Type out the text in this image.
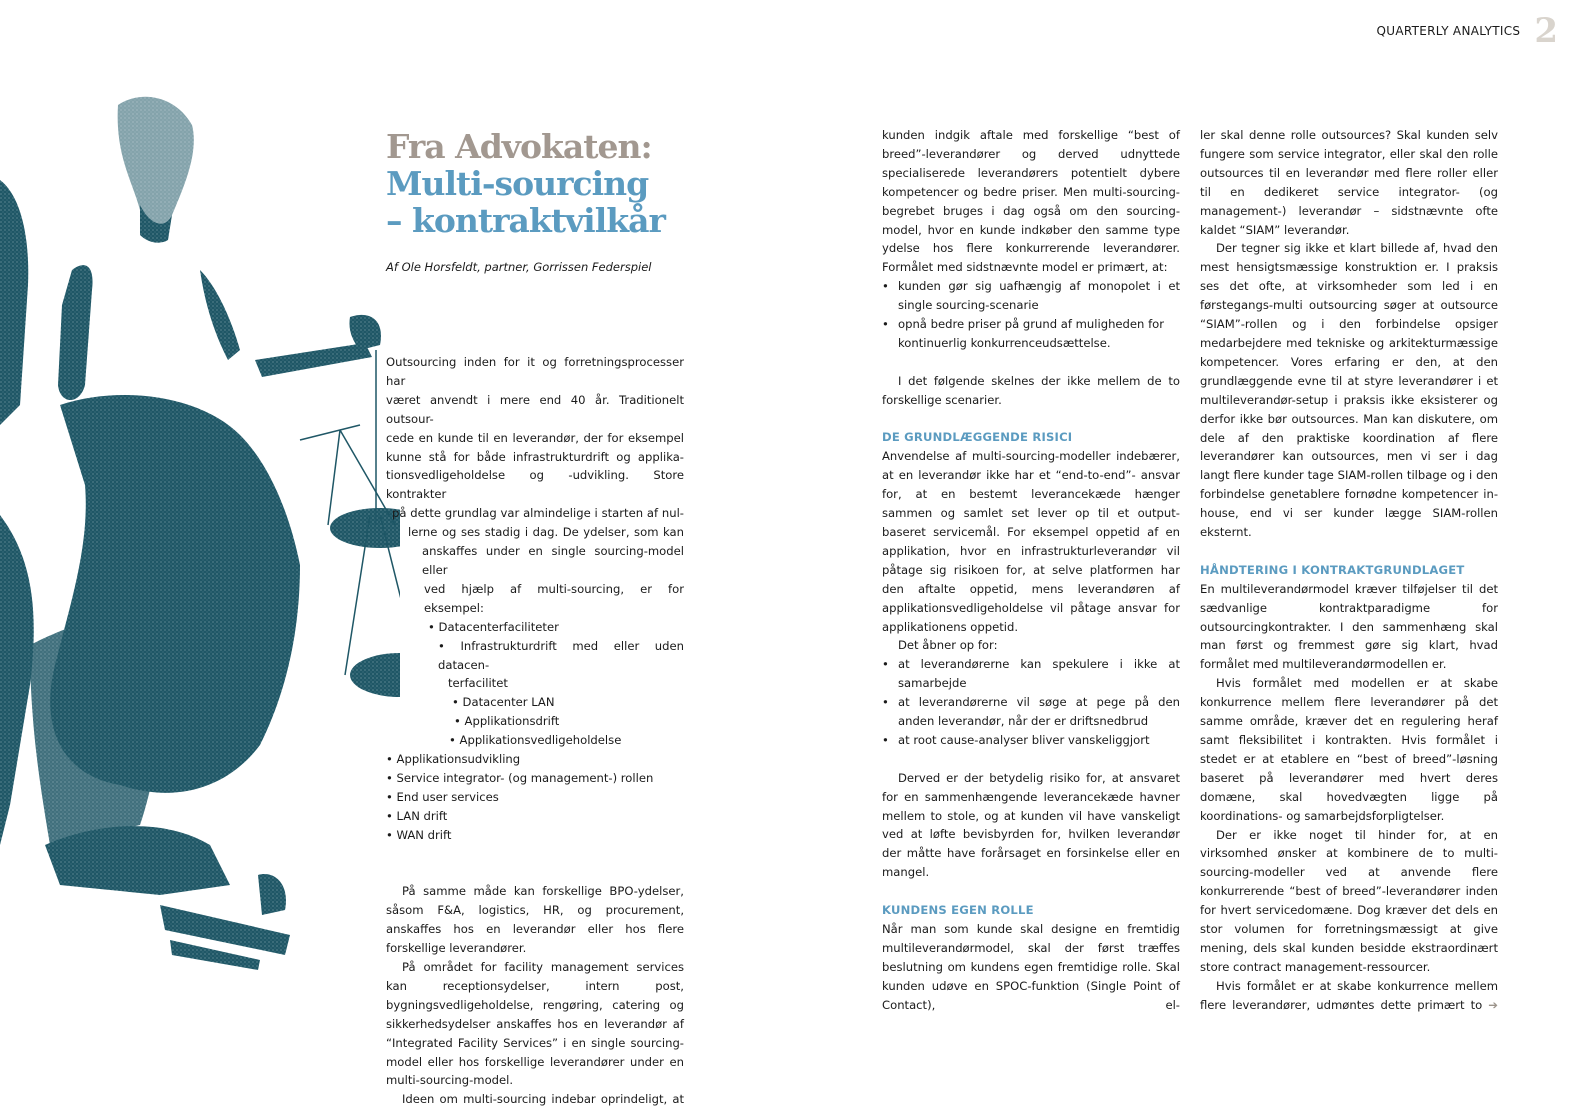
QUARTERLY ANALYTICS 2
Fra Advokaten:
Multi-sourcing
– kontraktvilkår
Af Ole Horsfeldt, partner, Gorrissen Federspiel

Outsourcing inden for it og forretningsprocesser har

været anvendt i mere end 40 år. Traditionelt outsour-

cede en kunde til en leverandør, der for eksempel

kunne stå for både infrastrukturdrift og applika-

tionsvedligeholdelse og -udvikling. Store kontrakter

på dette grundlag var almindelige i starten af nul-

lerne og ses stadig i dag. De ydelser, som kan

anskaffes under en single sourcing-model eller

ved hjælp af multi-sourcing, er for eksempel:

• Datacenterfaciliteter

• Infrastrukturdrift med eller uden datacen-

terfacilitet

• Datacenter LAN

• Applikationsdrift

• Applikationsvedligeholdelse

• Applikationsudvikling

• Service integrator- (og management-) rollen

• End user services

• LAN drift

• WAN drift

På samme måde kan forskellige BPO-ydelser, såsom F&A, logistics, HR, og procurement, anskaffes hos en leverandør eller hos flere forskellige leverandører.

På området for facility management services kan receptionsydelser, intern post, bygningsvedligeholdelse, rengøring, catering og sikkerhedsydelser anskaffes hos en leverandør af “Integrated Facility Services” i en single sourcing-model eller hos forskellige leverandører under en multi-sourcing-model.

Ideen om multi-sourcing indebar oprindeligt, at

kunden indgik aftale med forskellige “best of breed”-leverandører og derved udnyttede specialiserede leverandørers potentielt dybere kompetencer og bedre priser. Men multi-sourcing-begrebet bruges i dag også om den sourcing-model, hvor en kunde indkøber den samme type ydelse hos flere konkurrerende leverandører. Formålet med sidstnævnte model er primært, at:

• kunden gør sig uafhængig af monopolet i et single sourcing-scenarie
• opnå bedre priser på grund af muligheden for kontinuerlig konkurrenceudsættelse.

I det følgende skelnes der ikke mellem de to forskellige scenarier.

DE GRUNDLÆGGENDE RISICI

Anvendelse af multi-sourcing-modeller indebærer, at en leverandør ikke har et “end-to-end”- ansvar for, at en bestemt leverancekæde hænger sammen og samlet set lever op til et output-baseret servicemål. For eksempel oppetid af en applikation, hvor en infrastrukturleverandør vil påtage sig risikoen for, at selve platformen har den aftalte oppetid, mens leverandøren af applikationsvedligeholdelse vil påtage ansvar for applikationens oppetid.

Det åbner op for:

• at leverandørerne kan spekulere i ikke at samarbejde
• at leverandørerne vil søge at pege på den anden leverandør, når der er driftsnedbrud
• at root cause-analyser bliver vanskeliggjort

Derved er der betydelig risiko for, at ansvaret for en sammenhængende leverancekæde havner mellem to stole, og at kunden vil have vanskeligt ved at løfte bevisbyrden for, hvilken leverandør der måtte have forårsaget en forsinkelse eller en mangel.

KUNDENS EGEN ROLLE

Når man som kunde skal designe en fremtidig multileverandørmodel, skal der først træffes beslutning om kundens egen fremtidige rolle. Skal kunden udøve en SPOC-funktion (Single Point of Contact), el-

ler skal denne rolle outsources? Skal kunden selv fungere som service integrator, eller skal den rolle outsources til en leverandør med flere roller eller til en dedikeret service integrator- (og management-) leverandør – sidstnævnte ofte kaldet “SIAM” leverandør.

Der tegner sig ikke et klart billede af, hvad den mest hensigtsmæssige konstruktion er. I praksis ses det ofte, at virksomheder som led i en førstegangs-multi outsourcing søger at outsource “SIAM”-rollen og i den forbindelse opsiger medarbejdere med tekniske og arkitekturmæssige kompetencer. Vores erfaring er den, at den grundlæggende evne til at styre leverandører i et multileverandør-setup i praksis ikke eksisterer og derfor ikke bør outsources. Man kan diskutere, om dele af den praktiske koordination af flere leverandører kan outsources, men vi ser i dag langt flere kunder tage SIAM-rollen tilbage og i den forbindelse genetablere fornødne kompetencer in-house, end vi ser kunder lægge SIAM-rollen eksternt.

HÅNDTERING I KONTRAKTGRUNDLAGET

En multileverandørmodel kræver tilføjelser til det sædvanlige kontraktparadigme for outsourcingkontrakter. I den sammenhæng skal man først og fremmest gøre sig klart, hvad formålet med multileverandørmodellen er.

Hvis formålet med modellen er at skabe konkurrence mellem flere leverandører på det samme område, kræver det en regulering heraf samt fleksibilitet i kontrakten. Hvis formålet i stedet er at etablere en “best of breed”-løsning baseret på leverandører med hvert deres domæne, skal hovedvægten ligge på koordinations- og samarbejdsforpligtelser.

Der er ikke noget til hinder for, at en virksomhed ønsker at kombinere de to multi-sourcing-modeller ved at anvende flere konkurrerende “best of breed”-leverandører inden for hvert servicedomæne. Dog kræver det dels en stor volumen for forretningsmæssigt at give mening, dels skal kunden besidde ekstraordinært store contract management-ressourcer.

Hvis formålet er at skabe konkurrence mellem flere leverandører, udmøntes dette primært to ➔
